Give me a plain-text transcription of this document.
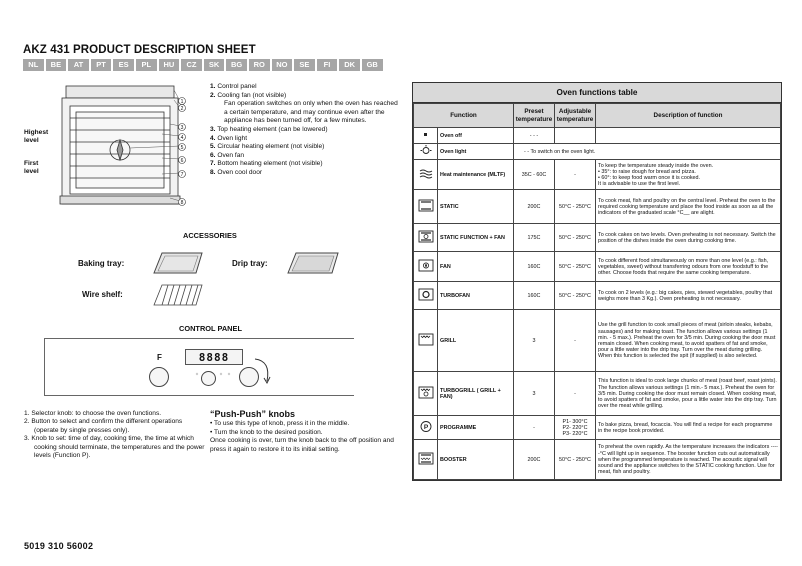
AKZ 431 PRODUCT DESCRIPTION SHEET
NL	BE	AT	PT	ES	PL	HU	CZ	SK	BG	RO	NO	SE	FI	DK	GB
Highest level
First level
1
2
3
4
5
6
7
8
1. Control panel
2. Cooling fan (not visible)
Fan operation switches on only when the oven has reached a certain temperature, and may continue even after the appliance has been turned off, for a few minutes.
3. Top heating element (can be lowered)
4. Oven light
5. Circular heating element (not visible)
6. Oven fan
7. Bottom heating element (not visible)
8. Oven cool door
ACCESSORIES
Baking tray:	Drip tray:
Wire shelf:
CONTROL PANEL
F	8888
1. Selector knob: to choose the oven functions.
2. Button to select and confirm the different operations (operate by single presses only).
3. Knob to set: time of day, cooking time, the time at which cooking should terminate, the temperatures and the power levels (Function P).
“Push-Push” knobs
• To use this type of knob, press it in the middle.
• Turn the knob to the desired position.
Once cooking is over, turn the knob back to the off position and press it again to restore it to its initial setting.
5019 310 56002
Oven functions table
Function		Preset temperature	Adjustable temperature	Description of function
	Oven off	- - -		
	Oven light	- - To switch on the oven light.		
	Heat maintenance (MLTF)	35C - 60C	-	To keep the temperature steady inside the oven.
• 35°: to raise dough for bread and pizza.
• 60°: to keep food warm once it is cooked.
It is advisable to use the first level.
	STATIC	200C	50°C - 250°C	To cook meat, fish and poultry on the central level. Preheat the oven to the required cooking temperature and place the food inside as soon as all the indicators of the graduated scale °C__ are alight.
	STATIC FUNCTION + FAN	175C	50°C - 250°C	To cook cakes on two levels. Oven preheating is not necessary. Switch the position of the dishes inside the oven during cooking time.
	FAN	160C	50°C - 250°C	To cook different food simultaneously on more than one level (e.g.: fish, vegetables, sweet) without transferring odours from one foodstuff to the other. Choose foods that require the same cooking temperature.
	TURBOFAN	160C	50°C - 250°C	To cook on 2 levels (e.g.: big cakes, pies, stewed vegetables, poultry that weighs more than 3 Kg.). Oven preheating is not necessary.
	GRILL	3	-	Use the grill function to cook small pieces of meat (sirloin steaks, kebabs, sausages) and for making toast. The function allows various settings (1 min. - 5 max.). Preheat the oven for 3/5 min. During cooking the door must remain closed. When cooking meat, to avoid spatters of fat and smoke, pour a little water into the drip tray. Turn over the meat during grilling.
When this function is selected the spit (if supplied) is also selected.
	TURBOGRILL ( GRILL + FAN)	3	-	This function is ideal to cook large chunks of meat (roast beef, roast joints). The function allows various settings (1 min.- 5 max.). Preheat the oven for 3/5 min. During cooking the door must remain closed. When cooking meat, to avoid spatters of fat and smoke, pour a little water into the drip tray. Turn over the meat while grilling.

P	PROGRAMME	-	P1- 300°C
P2- 220°C
P3- 220°C	To bake pizza, bread, focaccia. You will find a recipe for each programme in the recipe book provided.
	BOOSTER	200C	50°C - 250°C	To preheat the oven rapidly. As the temperature increases the indicators -----°C will light up in sequence. The booster function cuts out automatically when the programmed temperature is reached. The acoustic signal will sound and the appliance switches to the STATIC cooking function. Use for meat, fish and poultry.
